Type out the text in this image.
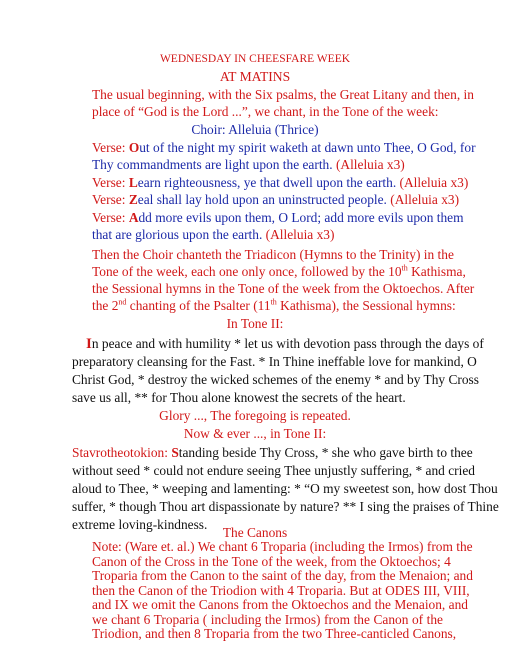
WEDNESDAY IN CHEESFARE WEEK
AT MATINS
The usual beginning, with the Six psalms, the Great Litany and then, in
place of “God is the Lord ...”, we chant, in the Tone of the week:
Choir: Alleluia (Thrice)
Verse: Out of the night my spirit waketh at dawn unto Thee, O God, for
Thy commandments are light upon the earth. (Alleluia x3)
Verse: Learn righteousness, ye that dwell upon the earth. (Alleluia x3)
Verse: Zeal shall lay hold upon an uninstructed people. (Alleluia x3)
Verse: Add more evils upon them, O Lord; add more evils upon them
that are glorious upon the earth. (Alleluia x3)
Then the Choir chanteth the Triadicon (Hymns to the Trinity) in the
Tone of the week, each one only once, followed by the 10th Kathisma,
the Sessional hymns in the Tone of the week from the Oktoechos. After
the 2nd chanting of the Psalter (11th Kathisma), the Sessional hymns:
In Tone II:
In peace and with humility * let us with devotion pass through the days of
preparatory cleansing for the Fast. * In Thine ineffable love for mankind, O
Christ God, * destroy the wicked schemes of the enemy * and by Thy Cross
save us all, ** for Thou alone knowest the secrets of the heart.
Glory ..., The foregoing is repeated.
Now & ever ..., in Tone II:
Stavrotheotokion: Standing beside Thy Cross, * she who gave birth to thee
without seed * could not endure seeing Thee unjustly suffering, * and cried
aloud to Thee, * weeping and lamenting: * “O my sweetest son, how dost Thou
suffer, * though Thou art dispassionate by nature? ** I sing the praises of Thine
extreme loving-kindness.
The Canons
Note: (Ware et. al.) We chant 6 Troparia (including the Irmos) from the
Canon of the Cross in the Tone of the week, from the Oktoechos; 4
Troparia from the Canon to the saint of the day, from the Menaion; and
then the Canon of the Triodion with 4 Troparia. But at ODES III, VIII,
and IX we omit the Canons from the Oktoechos and the Menaion, and
we chant 6 Troparia ( including the Irmos) from the Canon of the
Triodion, and then 8 Troparia from the two Three-canticled Canons,
